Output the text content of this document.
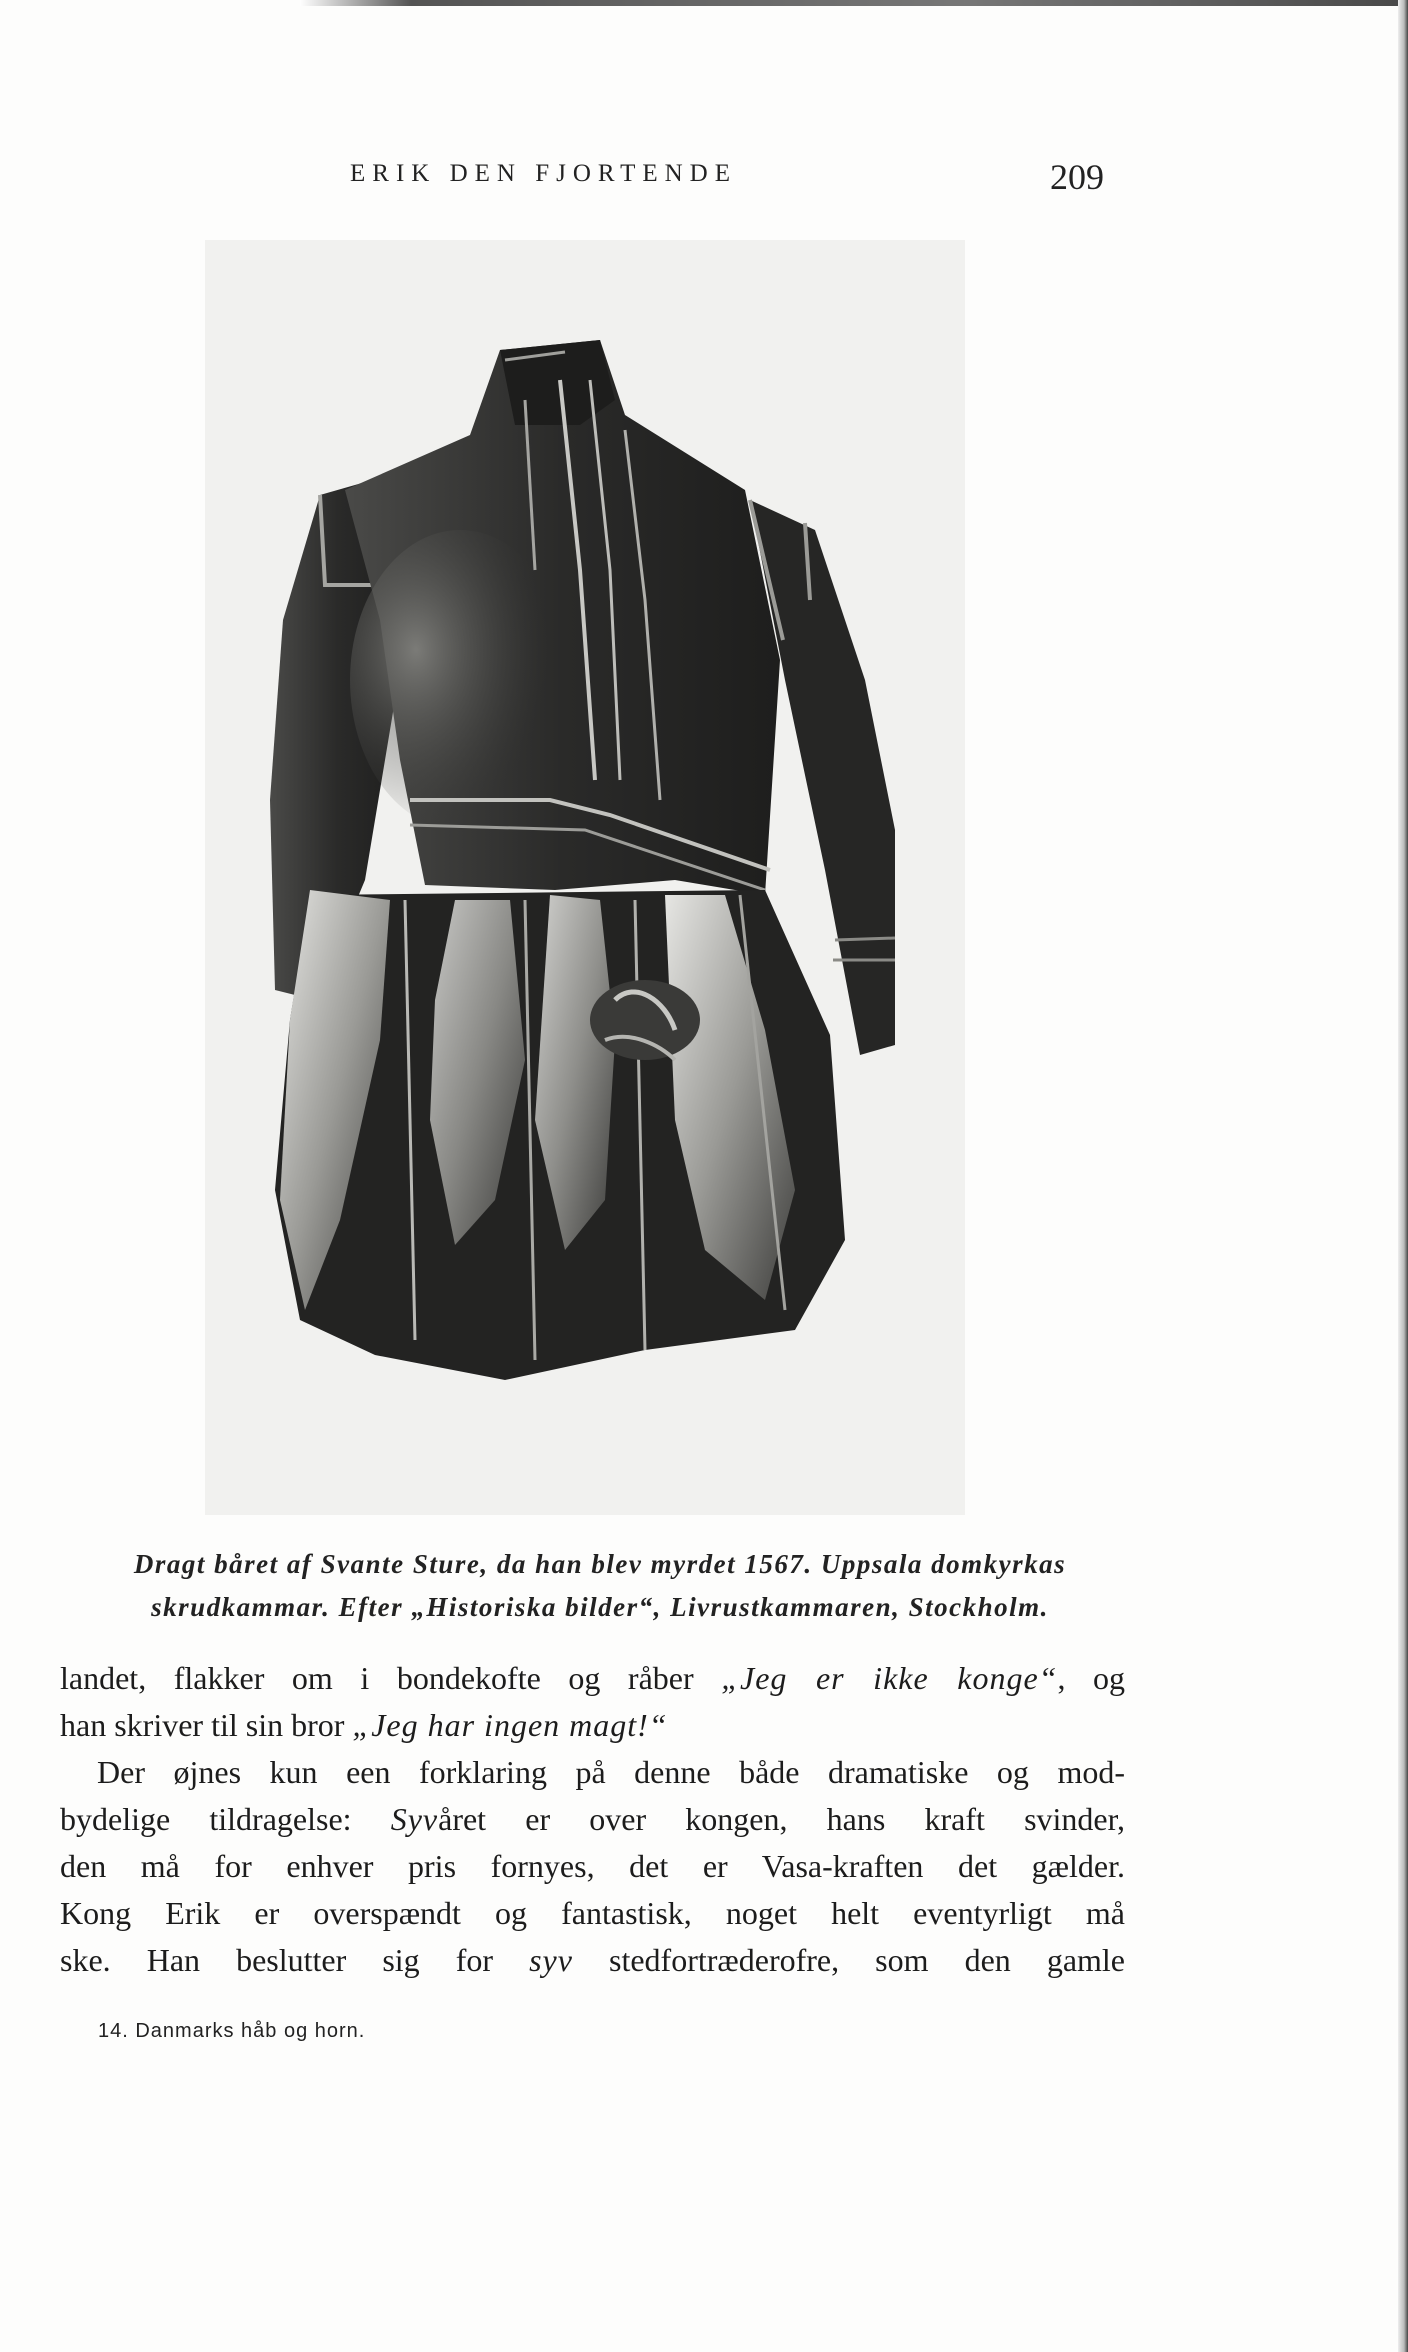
ERIK DEN FJORTENDE	209
Dragt båret af Svante Sture, da han blev myrdet 1567. Uppsala domkyrkas
skrudkammar. Efter „Historiska bilder“, Livrustkammaren, Stockholm.
landet, flakker om i bondekofte og råber „Jeg er ikke konge“, og
han skriver til sin bror „Jeg har ingen magt!“
Der øjnes kun een forklaring på denne både dramatiske og mod-
bydelige tildragelse: Syvåret er over kongen, hans kraft svinder,
den må for enhver pris fornyes, det er Vasa-kraften det gælder.
Kong Erik er overspændt og fantastisk, noget helt eventyrligt må
ske. Han beslutter sig for syv stedfortræderofre, som den gamle
14. Danmarks håb og horn.
